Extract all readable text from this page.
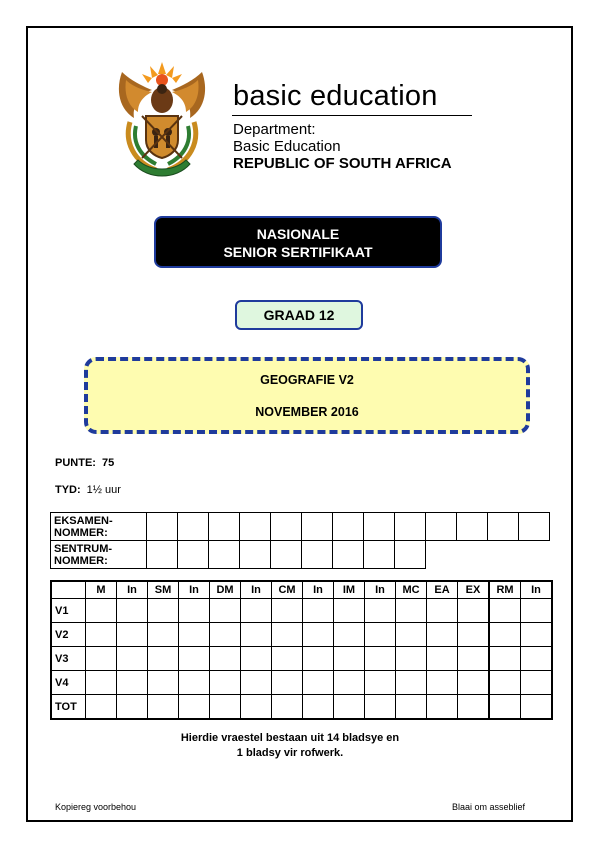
basic education
Department:
Basic Education
REPUBLIC OF SOUTH AFRICA
NASIONALE
SENIOR SERTIFIKAAT
GRAAD 12
GEOGRAFIE V2
NOVEMBER 2016
PUNTE: 75
TYD: 1½ uur
EKSAMEN-
NOMMER:													

SENTRUM-
NOMMER:													

	M	In	SM	In	DM	In	CM	In	IM	In	MC	EA	EX	RM	In
V1															
V2															
V3															
V4															
TOT															
Hierdie vraestel bestaan uit 14 bladsye en
1 bladsy vir rofwerk.
Kopiereg voorbehou	Blaai om asseblief
